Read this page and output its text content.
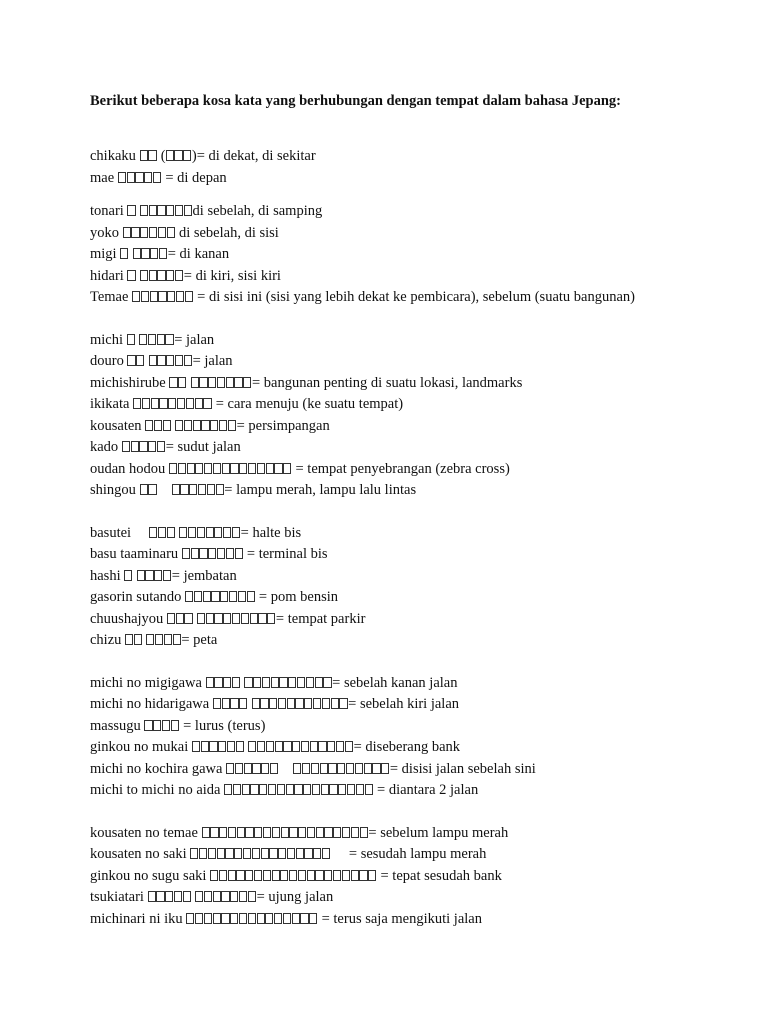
Berikut beberapa kosa kata yang berhubungan dengan tempat dalam bahasa Jepang:
chikaku  ( )= di dekat, di sekitar
mae	= di depan
tonari	di sebelah, di samping
yoko	di sebelah, di sisi
migi	= di kanan
hidari	= di kiri, sisi kiri
Temae	= di sisi ini (sisi yang lebih dekat ke pembicara), sebelum (suatu bangunan)
michi	= jalan
douro	= jalan
michishirube	= bangunan penting di suatu lokasi, landmarks
ikikata	= cara menuju (ke suatu tempat)
kousaten	= persimpangan
kado	= sudut jalan
oudan hodou	= tempat penyebrangan (zebra cross)
shingou	= lampu merah, lampu lalu lintas
basutei	= halte bis
basu taaminaru	= terminal bis
hashi	= jembatan
gasorin sutando	= pom bensin
chuushajyou	= tempat parkir
chizu	= peta
michi no migigawa	= sebelah kanan jalan
michi no hidarigawa	= sebelah kiri jalan
massugu  = lurus (terus)
ginkou no mukai	= diseberang bank
michi no kochira gawa	= disisi jalan sebelah sini
michi to michi no aida	= diantara 2 jalan
kousaten no temae	= sebelum lampu merah
kousaten no saki	= sesudah lampu merah
ginkou no sugu saki	= tepat sesudah bank
tsukiatari	= ujung jalan
michinari ni iku	= terus saja mengikuti jalan
